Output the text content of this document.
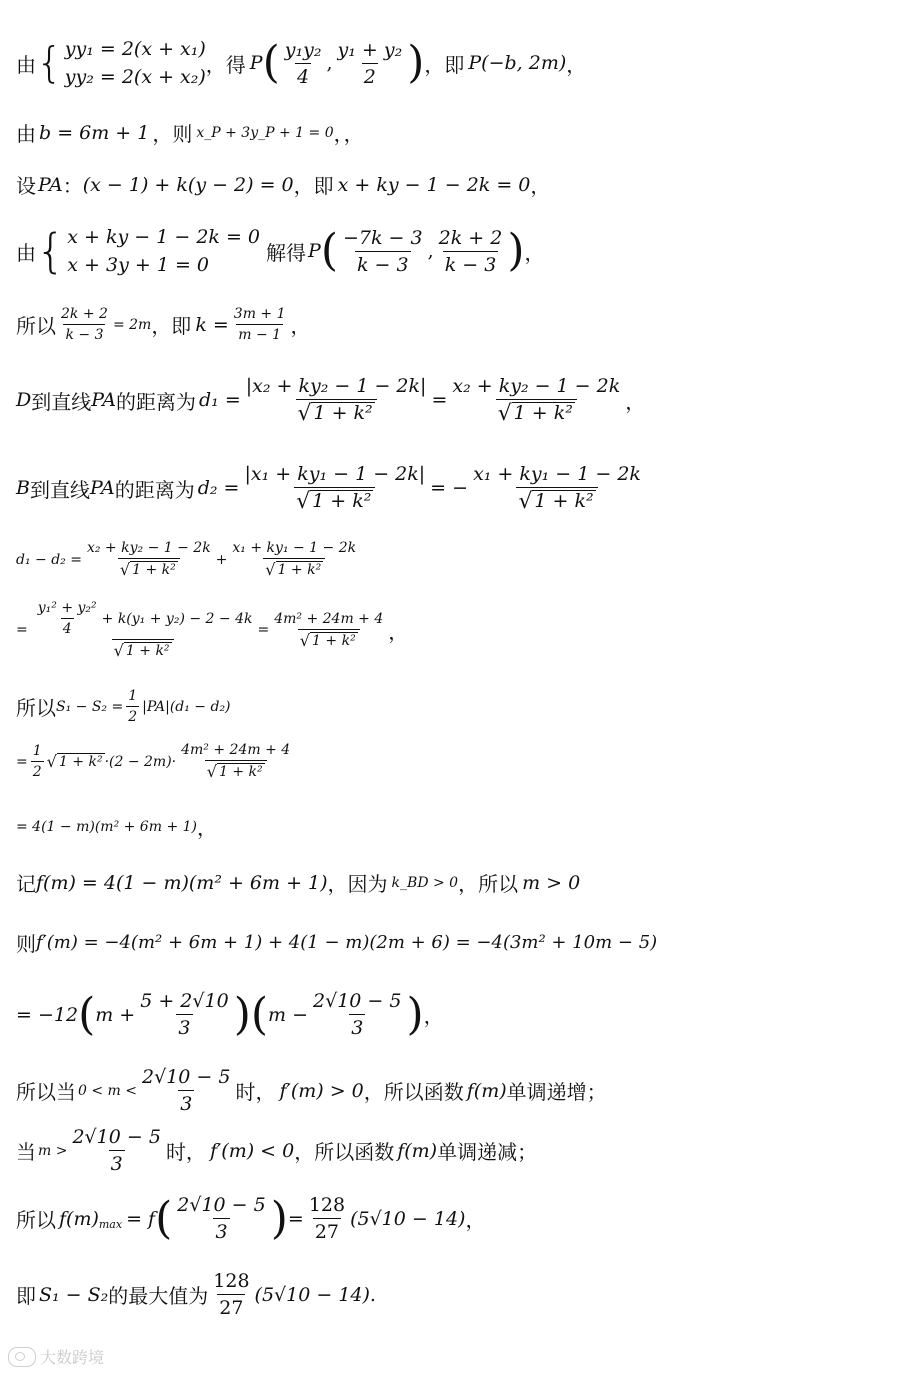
由 { yy₁ = 2(x + x₁)
yy₂ = 2(x + x₂)
，得 P ( $\frac{\text{y₁y₂}}{4}$ , $\frac{\text{y₁ + y₂}}{2}$ ) ，即 P(−b, 2m) ，
由 b = 6m + 1 ，则 x_P + 3y_P + 1 = 0 ，，
设 PA ： (x − 1) + k(y − 2) = 0 ，即 x + ky − 1 − 2k = 0 ，
由 { x + ky − 1 − 2k = 0
x + 3y + 1 = 0
解得 P ( $\frac{-7k - 3}{k - 3}$ , $\frac{2k + 2}{k - 3}$ ) ，
所以 $\frac{2k + 2}{k - 3} = 2m$ ，即 $k = \frac{3m + 1}{m - 1}$ ，
D 到直线 PA 的距离为 $d_1 = \frac{\text{|x₂ + ky₂ − 1 − 2k|}}{\text{√ 1 + k²}} = \frac{\text{x₂ + ky₂ − 1 − 2k}}{\text{√ 1 + k²}}$ ，
B 到直线 PA 的距离为 $d_2 = \frac{\text{|x₁ + ky₁ − 1 − 2k|}}{\text{√ 1 + k²}}$ = − $\frac{\text{x₁ + ky₁ − 1 − 2k}}{\text{√ 1 + k²}}$
$d_1 - d_2 = \frac{\text{x₂ + ky₂ − 1 − 2k}}{\text{√ 1 + k²}} + \frac{\text{x₁ + ky₁ − 1 − 2k}}{\text{√ 1 + k²}}$
= $\frac{\frac{\text{y₁² + y₂²}}{4} + k(y_1 + y_2) - 2 - 4k}{\text{√ 1 + k²}} = \frac{\text{4m² + 24m + 4}}{\text{√ 1 + k²}}$ ，
所以 $S_1 - S_2 = \frac{1}{2} |PA|(d_1 - d_2)$
= $\frac{1}{2}$ √ $1 + k^2 \cdot(2 - 2m)\cdot \frac{\text{4m² + 24m + 4}}{\text{√ 1 + k²}}$
= 4(1 − m)(m² + 6m + 1) ，
记 f(m) = 4(1 − m)(m² + 6m + 1) ，因为 k_BD > 0 ，所以 m > 0
则 f′(m) = −4(m² + 6m + 1) + 4(1 − m)(2m + 6) = −4(3m² + 10m − 5)
= −12 ( $m + \frac{5 + 2√10}{3}$ ) ( $m - \frac{2√10 - 5}{3}$ ) ，
所以当 $0 < m < \frac{2√10 - 5}{3}$ 时， f′(m) > 0 ，所以函数 f(m) 单调递增；
当 $m > \frac{2√10 - 5}{3}$ 时， f′(m) < 0 ，所以函数 f(m) 单调递减；
所以 f(m) max = f ( $\frac{2√10 - 5}{3}$ ) = $\frac{128}{27} (5√10 - 14)$ ，
即 S₁ − S₂ 的最大值为 $\frac{128}{27} (5√10 - 14)$ .
大数跨境
